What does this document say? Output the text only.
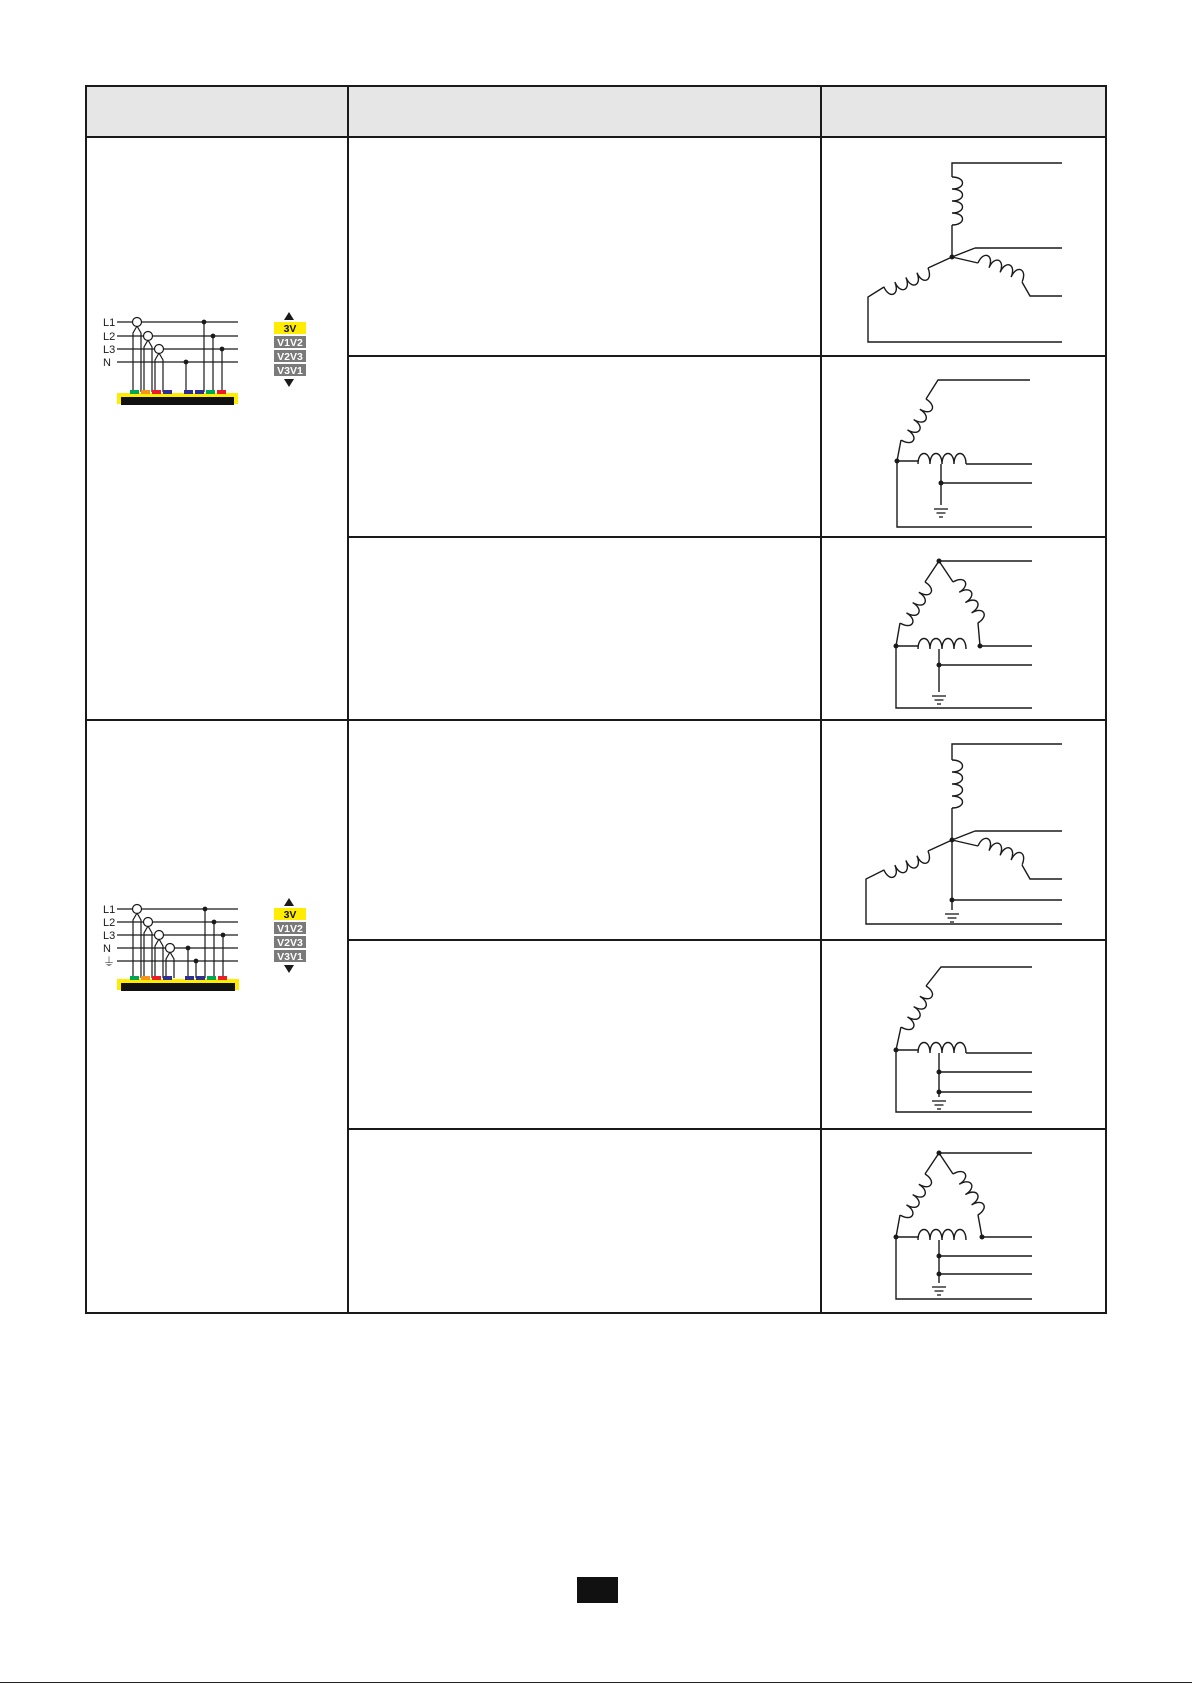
L1
L2
L3
N
3V
V1V2
V2V3
V3V1
L1
L2
L3
N
⏚
3V
V1V2
V2V3
V3V1
